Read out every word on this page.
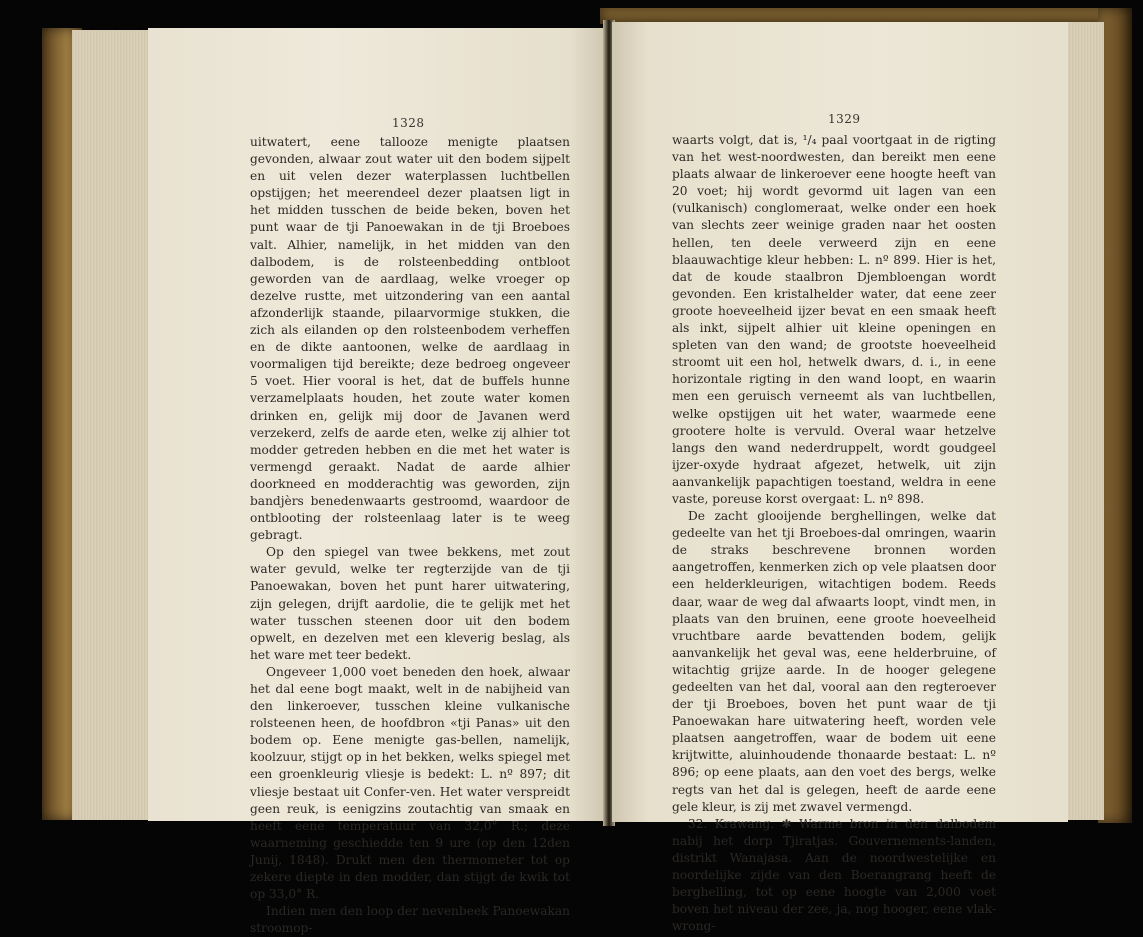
1328

uitwatert, eene tallooze menigte plaatsen gevonden, alwaar zout water uit den bodem sijpelt en uit velen dezer waterplassen luchtbellen opstijgen; het meerendeel dezer plaatsen ligt in het midden tusschen de beide beken, boven het punt waar de tji Panoewakan in de tji Broeboes valt. Alhier, namelijk, in het midden van den dalbodem, is de rolsteenbedding ontbloot geworden van de aardlaag, welke vroeger op dezelve rustte, met uitzondering van een aantal afzonderlijk staande, pilaarvormige stukken, die zich als eilanden op den rolsteenbodem verheffen en de dikte aantoonen, welke de aardlaag in voormaligen tijd bereikte; deze bedroeg ongeveer 5 voet. Hier vooral is het, dat de buffels hunne verzamelplaats houden, het zoute water komen drinken en, gelijk mij door de Javanen werd verzekerd, zelfs de aarde eten, welke zij alhier tot modder getreden hebben en die met het water is vermengd geraakt. Nadat de aarde alhier doorkneed en modderachtig was geworden, zijn bandjèrs benedenwaarts gestroomd, waardoor de ontblooting der rolsteenlaag later is te weeg gebragt.

Op den spiegel van twee bekkens, met zout water gevuld, welke ter regterzijde van de tji Panoewakan, boven het punt harer uitwatering, zijn gelegen, drijft aardolie, die te gelijk met het water tusschen steenen door uit den bodem opwelt, en dezelven met een kleverig beslag, als het ware met teer bedekt.

Ongeveer 1,000 voet beneden den hoek, alwaar het dal eene bogt maakt, welt in de nabijheid van den linkeroever, tusschen kleine vulkanische rolsteenen heen, de hoofdbron «tji Panas» uit den bodem op. Eene menigte gas-bellen, namelijk, koolzuur, stijgt op in het bekken, welks spiegel met een groenkleurig vliesje is bedekt: L. nº 897; dit vliesje bestaat uit Confer-ven. Het water verspreidt geen reuk, is eenigzins zoutachtig van smaak en heeft eene temperatuur van 32,0° R.; deze waarneming geschiedde ten 9 ure (op den 12den Junij, 1848). Drukt men den thermometer tot op zekere diepte in den modder, dan stijgt de kwik tot op 33,0° R.

Indien men den loop der nevenbeek Panoewakan stroomop-

1329

waarts volgt, dat is, ¹/₄ paal voortgaat in de rigting van het west-noordwesten, dan bereikt men eene plaats alwaar de linkeroever eene hoogte heeft van 20 voet; hij wordt gevormd uit lagen van een (vulkanisch) conglomeraat, welke onder een hoek van slechts zeer weinige graden naar het oosten hellen, ten deele verweerd zijn en eene blaauwachtige kleur hebben: L. nº 899. Hier is het, dat de koude staalbron Djembloengan wordt gevonden. Een kristalhelder water, dat eene zeer groote hoeveelheid ijzer bevat en een smaak heeft als inkt, sijpelt alhier uit kleine openingen en spleten van den wand; de grootste hoeveelheid stroomt uit een hol, hetwelk dwars, d. i., in eene horizontale rigting in den wand loopt, en waarin men een geruisch verneemt als van luchtbellen, welke opstijgen uit het water, waarmede eene grootere holte is vervuld. Overal waar hetzelve langs den wand nederdruppelt, wordt goudgeel ijzer-oxyde hydraat afgezet, hetwelk, uit zijn aanvankelijk papachtigen toestand, weldra in eene vaste, poreuse korst overgaat: L. nº 898.

De zacht glooijende berghellingen, welke dat gedeelte van het tji Broeboes-dal omringen, waarin de straks beschrevene bronnen worden aangetroffen, kenmerken zich op vele plaatsen door een helderkleurigen, witachtigen bodem. Reeds daar, waar de weg dal afwaarts loopt, vindt men, in plaats van den bruinen, eene groote hoeveelheid vruchtbare aarde bevattenden bodem, gelijk aanvankelijk het geval was, eene helderbruine, of witachtig grijze aarde. In de hooger gelegene gedeelten van het dal, vooral aan den regteroever der tji Broeboes, boven het punt waar de tji Panoewakan hare uitwatering heeft, worden vele plaatsen aangetroffen, waar de bodem uit eene krijtwitte, aluinhoudende thonaarde bestaat: L. nº 896; op eene plaats, aan den voet des bergs, welke regts van het dal is gelegen, heeft de aarde eene gele kleur, is zij met zwavel vermengd.

32. Krawang. ✱ Warme bron in den dalbodem nabij het dorp Tjiratjas. Gouvernements-landen, distrikt Wanajasa. Aan de noordwestelijke en noordelijke zijde van den Boerangrang heeft de berghelling, tot op eene hoogte van 2,000 voet boven het niveau der zee, ja, nog hooger, eene vlak-wrong-
